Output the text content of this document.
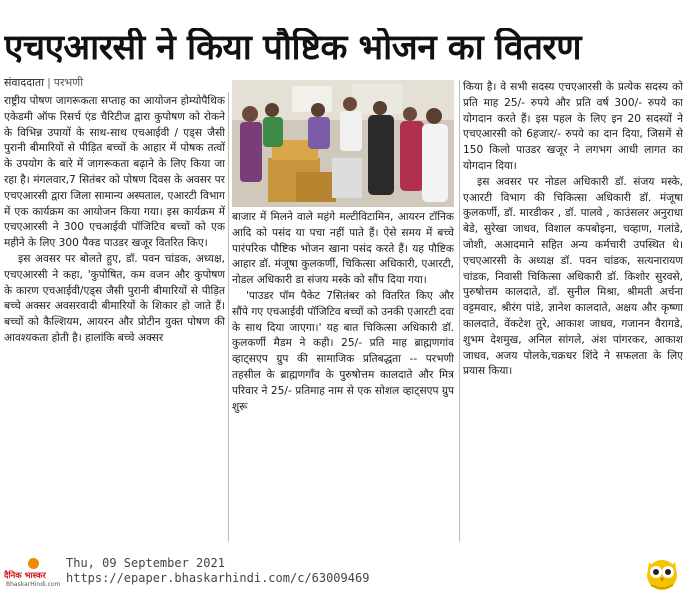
एचएआरसी ने किया पौष्टिक भोजन का वितरण
संवाददाता | परभणी

राष्ट्रीय पोषण जागरूकता सप्ताह का आयोजन होम्योपैथिक एकेडमी ऑफ रिसर्च एंड चैरिटीज द्वारा कुपोषण को रोकने के विभिन्न उपायों के साथ-साथ एचआईवी / एड्स जैसी पुरानी बीमारियों से पीड़ित बच्चों के आहार में पोषक तत्वों के उपयोग के बारे में जागरूकता बढ़ाने के लिए किया जा रहा है। मंगलवार,7 सितंबर को पोषण दिवस के अवसर पर एचएआरसी द्वारा जिला सामान्य अस्पताल, एआरटी विभाग में एक कार्यक्रम का आयोजन किया गया। इस कार्यक्रम में एचएआरसी ने 300 एचआईवी पॉजिटिव बच्चों को एक महीने के लिए 300 पैक्ड पाउडर खजूर वितरित किए।

इस अवसर पर बोलते हुए, डॉ. पवन चांडक, अध्यक्ष, एचएआरसी ने कहा, 'कुपोषित, कम वजन और कुपोषण के कारण एचआईवी/एड्स जैसी पुरानी बीमारियों से पीड़ित बच्चे अक्सर अवसरवादी बीमारियों के शिकार हो जाते हैं। बच्चों को कैल्शियम, आयरन और प्रोटीन युक्त पोषण की आवश्यकता होती है। हालांकि बच्चे अक्सर

बाजार में मिलने वाले महंगे मल्टीविटामिन, आयरन टॉनिक आदि को पसंद या पचा नहीं पाते हैं। ऐसे समय में बच्चे पारंपरिक पौष्टिक भोजन खाना पसंद करते हैं। यह पौष्टिक आहार डॉ. मंजूषा कुलकर्णी, चिकित्सा अधिकारी, एआरटी, नोडल अधिकारी डा संजय मस्के को सौंप दिया गया।

'पाउडर पॉम पैकेट 7सितंबर को वितरित किए और सौंपे गए एचआईवी पॉजिटिव बच्चों को उनकी एआरटी दवा के साथ दिया जाएगा।' यह बात चिकित्सा अधिकारी डॉ. कुलकर्णी मैडम ने कही। 25/- प्रति माह ब्राह्मणगांव व्हाट्सएप ग्रुप की सामाजिक प्रतिबद्धता -- परभणी तहसील के ब्राह्मणगाँव के पुरुषोत्तम कालदाते और मित्र परिवार ने 25/- प्रतिमाह नाम से एक सोशल व्हाट्सएप ग्रुप शुरू

किया है। वे सभी सदस्य एचएआरसी के प्रत्येक सदस्य को प्रति माह 25/- रुपये और प्रति वर्ष 300/- रुपये का योगदान करते हैं। इस पहल के लिए इन 20 सदस्यों ने एचएआरसी को 6हजार/- रुपये का दान दिया, जिसमें से 150 किलो पाउडर खजूर ने लगभग आधी लागत का योगदान दिया।

इस अवसर पर नोडल अधिकारी डॉ. संजय मस्के, एआरटी विभाग की चिकित्सा अधिकारी डॉ. मंजूषा कुलकर्णी, डॉ. मारडीकर , डॉ. पालवे , काउंसलर अनुराधा बेडे, सुरेखा जाधव, विशाल कपबोइना, चव्हाण, गलांडे, जोशी, अआदमाने सहित अन्य कर्मचारी उपस्थित थे।एचएआरसी के अध्यक्ष डॉ. पवन चांडक, सत्यनारायण चांडक, निवासी चिकित्सा अधिकारी डॉ. किशोर सुरवसे, पुरुषोत्तम कालदाते, डॉ. सुनील मिश्रा, श्रीमती अर्चना वट्टमवार, श्रीरंग पांडे, ज्ञानेश कालदाते, अक्षय और कृष्णा कालदाते, वेंकटेश तुरे, आकाश जाधव, गजानन वैरागडे, शुभम देशमुख, अनिल सांगले, अंश पांगरकर, आकाश जाधव, अजय पोलके,चक्रधर शिंदे ने सफलता के लिए प्रयास किया।

दैनिक भास्कर
BhaskarHindi.com
Thu, 09 September 2021
https://epaper.bhaskarhindi.com/c/63009469
